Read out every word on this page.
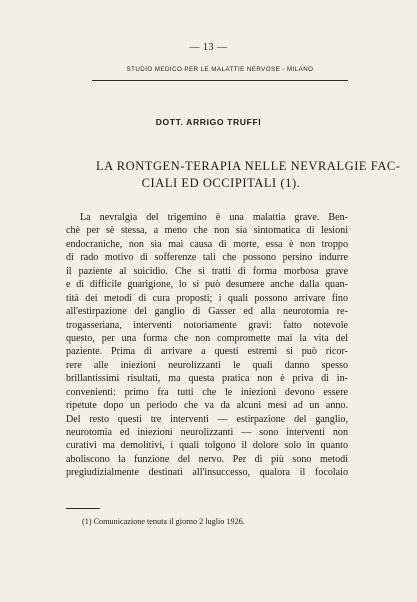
— 13 —
STUDIO MEDICO PER LE MALATTIE NERVOSE - MILANO
DOTT. ARRIGO TRUFFI
LA RONTGEN-TERAPIA NELLE NEVRALGIE FAC-
CIALI ED OCCIPITALI (1).
La nevralgia del trigemino è una malattia grave. Ben-
chè per sè stessa, a meno che non sia sintomatica di lesioni
endocraniche, non sia mai causa di morte, essa è non troppo
di rado motivo di sofferenze tali che possono persino indurre
il paziente al suicidio. Che si tratti di forma morbosa grave
e di difficile guarigione, lo si può desumere anche dalla quan-
tità dei metodi di cura proposti; i quali possono arrivare fino
all'estirpazione del ganglio di Gasser ed alla neurotomia re-
trogasseriana, interventi notoriamente gravi: fatto notevole
questo, per una forma che non compromette mai la vita del
paziente. Prima di arrivare a questi estremi si può ricor-
rere alle iniezioni neurolizzanti le quali danno spesso
brillantissimi risultati, ma questa pratica non è priva di in-
convenienti: primo fra tutti che le iniezioni devono essere
ripetute dopo un periodo che va da alcuni mesi ad un anno.
Del resto questi tre interventi — estirpazione del ganglio,
neurotomia ed iniezioni neurolizzanti — sono interventi non
curativi ma demolitivi, i quali tolgono il dolore solo in quanto
aboliscono la funzione del nervo. Per di più sono metodi
pregiudizialmente destinati all'insuccesso, qualora il focolaio
(1) Comunicazione tenuta il giorno 2 luglio 1926.
